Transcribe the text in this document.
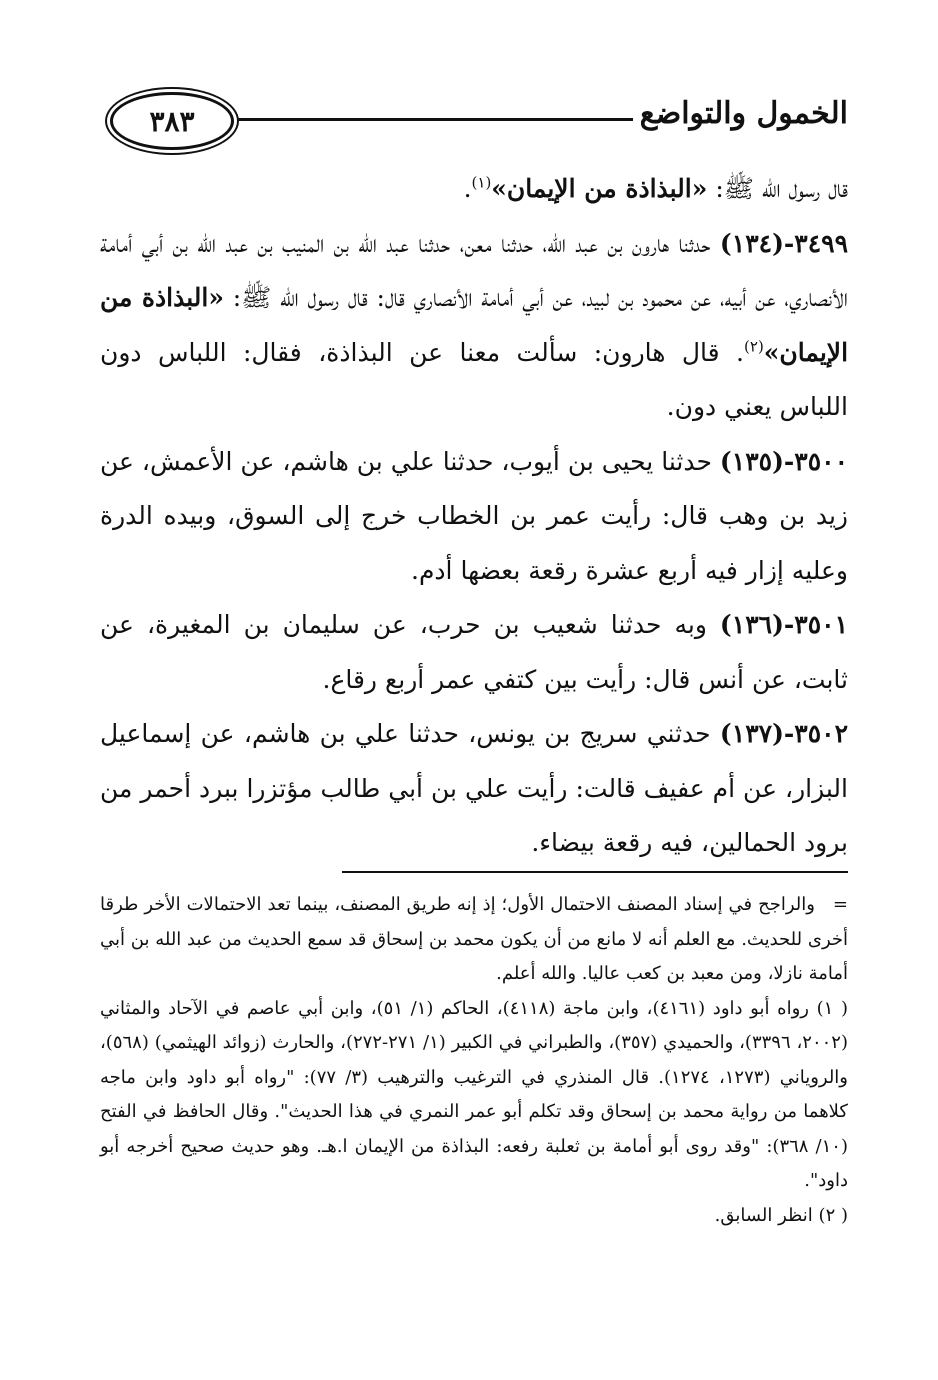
٣٨٣	الخمول والتواضع

قال رسول الله ﷺ: «البذاذة من الإيمان»$^{(١)}$.

٣٤٩٩-(١٣٤) حدثنا هارون بن عبد الله، حدثنا معن، حدثنا عبد الله بن المنيب بن عبد الله بن أبي أمامة الأنصاري، عن أبيه، عن محمود بن لبيد، عن أبي أمامة الأنصاري قال: قال رسول الله ﷺ: «البذاذة من الإيمان»$^{(٢)}$. قال هارون: سألت معنا عن البذاذة، فقال: اللباس دون اللباس يعني دون.

٣٥٠٠-(١٣٥) حدثنا يحيى بن أيوب، حدثنا علي بن هاشم، عن الأعمش، عن زيد بن وهب قال: رأيت عمر بن الخطاب خرج إلى السوق، وبيده الدرة وعليه إزار فيه أربع عشرة رقعة بعضها أدم.

٣٥٠١-(١٣٦) وبه حدثنا شعيب بن حرب، عن سليمان بن المغيرة، عن ثابت، عن أنس قال: رأيت بين كتفي عمر أربع رقاع.

٣٥٠٢-(١٣٧) حدثني سريج بن يونس، حدثنا علي بن هاشم، عن إسماعيل البزار، عن أم عفيف قالت: رأيت علي بن أبي طالب مؤتزرا ببرد أحمر من برود الحمالين، فيه رقعة بيضاء.

=   والراجح في إسناد المصنف الاحتمال الأول؛ إذ إنه طريق المصنف، بينما تعد الاحتمالات الأخر طرقا أخرى للحديث. مع العلم أنه لا مانع من أن يكون محمد بن إسحاق قد سمع الحديث من عبد الله بن أبي أمامة نازلا، ومن معبد بن كعب عاليا. والله أعلم.

( ١) رواه أبو داود (٤١٦١)، وابن ماجة (٤١١٨)، الحاكم (١/ ٥١)، وابن أبي عاصم في الآحاد والمثاني (٢٠٠٢، ٣٣٩٦)، والحميدي (٣٥٧)، والطبراني في الكبير (١/ ٢٧١-٢٧٢)، والحارث (زوائد الهيثمي) (٥٦٨)، والروياني (١٢٧٣، ١٢٧٤). قال المنذري في الترغيب والترهيب (٣/ ٧٧): "رواه أبو داود وابن ماجه كلاهما من رواية محمد بن إسحاق وقد تكلم أبو عمر النمري في هذا الحديث". وقال الحافظ في الفتح (١٠/ ٣٦٨): "وقد روى أبو أمامة بن ثعلبة رفعه: البذاذة من الإيمان ا.هـ. وهو حديث صحيح أخرجه أبو داود".

( ٢) انظر السابق.
